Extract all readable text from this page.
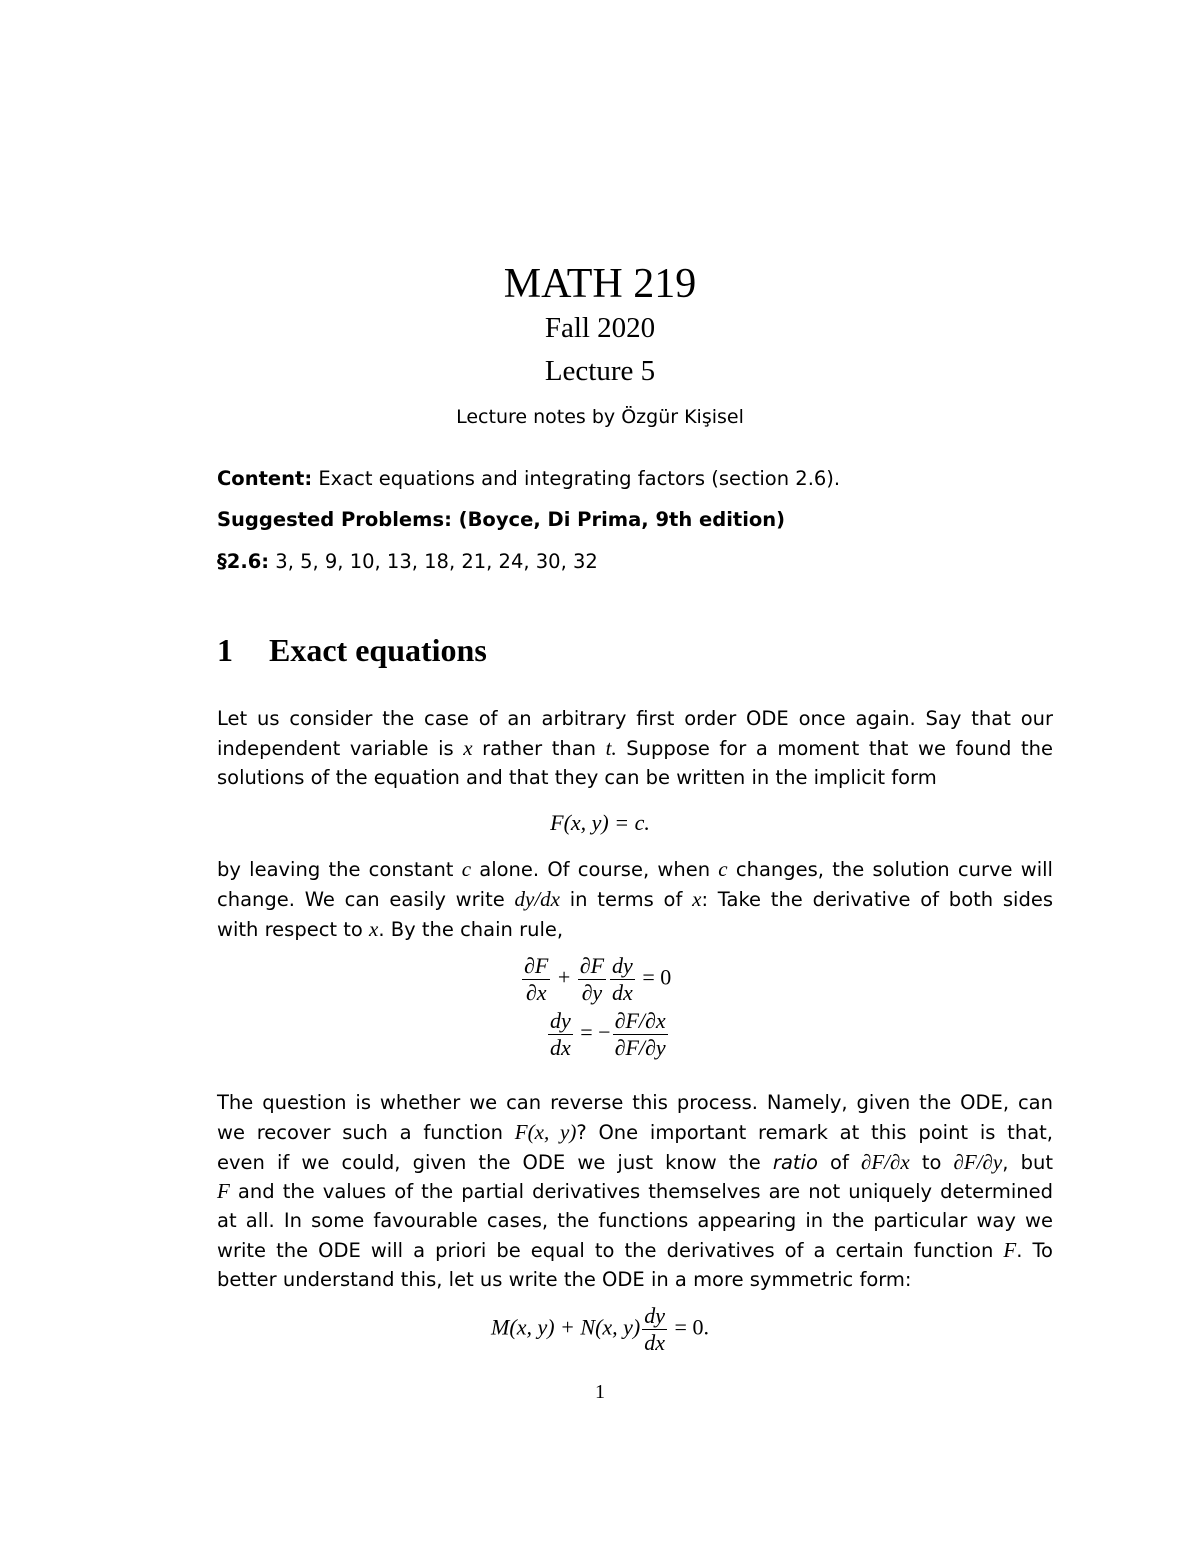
MATH 219
Fall 2020
Lecture 5
Lecture notes by Özgür Kişisel
Content: Exact equations and integrating factors (section 2.6).
Suggested Problems: (Boyce, Di Prima, 9th edition)
§2.6: 3, 5, 9, 10, 13, 18, 21, 24, 30, 32
1 Exact equations
Let us consider the case of an arbitrary first order ODE once again. Say that our
independent variable is x rather than t. Suppose for a moment that we found the
solutions of the equation and that they can be written in the implicit form
F(x, y) = c.
by leaving the constant c alone. Of course, when c changes, the solution curve will
change. We can easily write dy/dx in terms of x: Take the derivative of both sides
with respect to x. By the chain rule,
$\frac{\partial F}{\partial x} + \frac{\partial F}{\partial y} \frac{dy}{dx} = 0$
$\frac{dy}{dx}$ = − $\frac{\partial F/\partial x}{\partial F/\partial y}$
The question is whether we can reverse this process. Namely, given the ODE, can
we recover such a function F(x, y)? One important remark at this point is that,
even if we could, given the ODE we just know the ratio of ∂F/∂x to ∂F/∂y, but
F and the values of the partial derivatives themselves are not uniquely determined
at all. In some favourable cases, the functions appearing in the particular way we
write the ODE will a priori be equal to the derivatives of a certain function F. To
better understand this, let us write the ODE in a more symmetric form:
M(x, y) + N(x, $y) \frac{dy}{dx} = 0$.
1
